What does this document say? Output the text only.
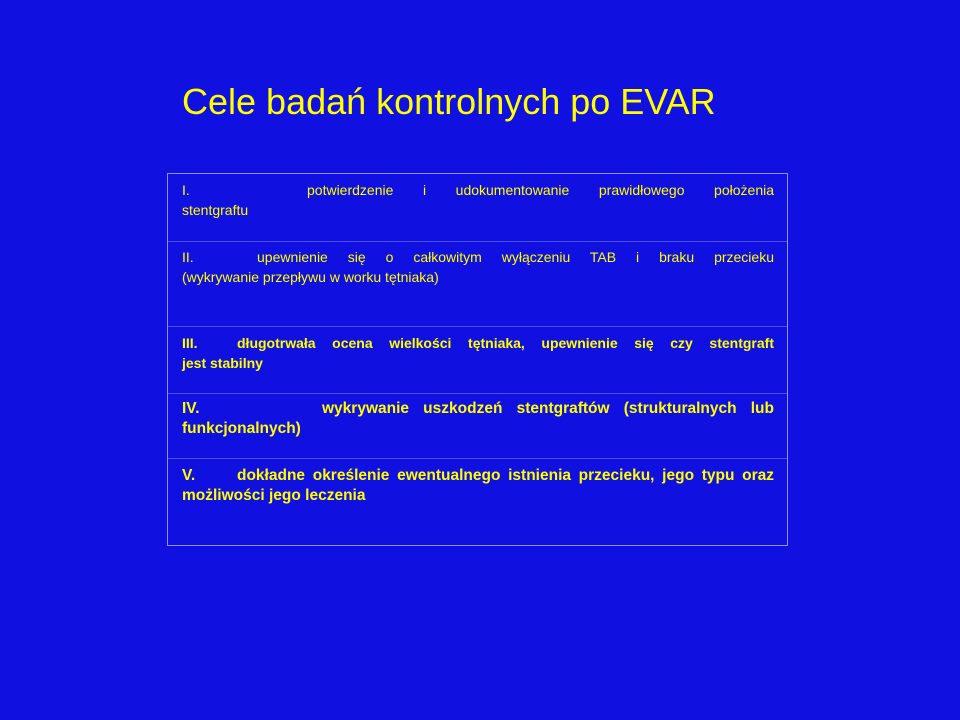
Cele badań kontrolnych po EVAR
I.	potwierdzenie i udokumentowanie prawidłowego położenia
stentgraftu
II.	upewnienie się o całkowitym wyłączeniu TAB i braku przecieku
(wykrywanie przepływu w worku tętniaka)
III.	długotrwała ocena wielkości tętniaka, upewnienie się czy stentgraft
jest stabilny
IV.	wykrywanie uszkodzeń stentgraftów (strukturalnych lub
funkcjonalnych)
V.	dokładne określenie ewentualnego istnienia przecieku, jego typu oraz
możliwości jego leczenia
